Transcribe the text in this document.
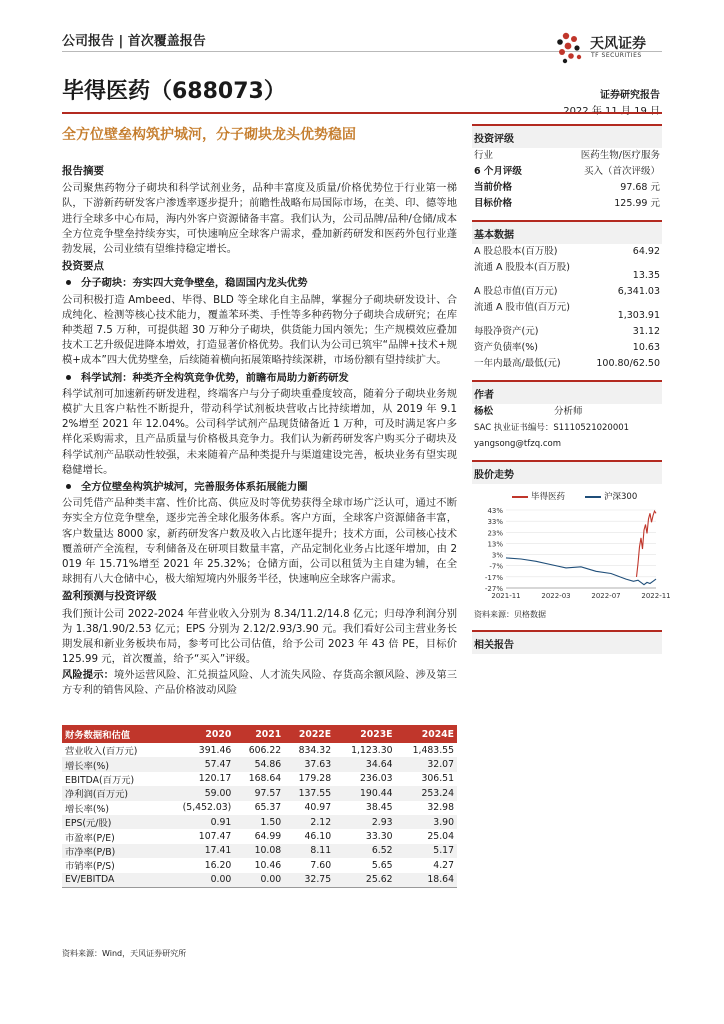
公司报告 | 首次覆盖报告	天风证券
TF SECURITIES
毕得医药（688073）	证券研究报告
全方位壁垒构筑护城河，分子砌块龙头优势稳固
报告摘要

公司聚焦药物分子砌块和科学试剂业务，品种丰富度及质量/价格优势位于行业第一梯队，下游新药研发客户渗透率逐步提升；前瞻性战略布局国际市场，在美、印、德等地进行全球多中心布局，海内外客户资源储备丰富。我们认为，公司品牌/品种/仓储/成本全方位竞争壁垒持续夯实，可快速响应全球客户需求，叠加新药研发和医药外包行业蓬勃发展，公司业绩有望维持稳定增长。

投资要点
分子砌块：夯实四大竞争壁垒，稳固国内龙头优势

公司积极打造 Ambeed、毕得、BLD 等全球化自主品牌，掌握分子砌块研发设计、合成纯化、检测等核心技术能力，覆盖苯环类、手性等多种药物分子砌块合成研究；在库种类超 7.5 万种，可提供超 30 万种分子砌块，供货能力国内领先；生产规模效应叠加技术工艺升级促进降本增效，打造显著价格优势。我们认为公司已筑牢“品牌+技术+规模+成本”四大优势壁垒，后续随着横向拓展策略持续深耕，市场份额有望持续扩大。

科学试剂：种类齐全构筑竞争优势，前瞻布局助力新药研发

科学试剂可加速新药研发进程，终端客户与分子砌块重叠度较高，随着分子砌块业务规模扩大且客户粘性不断提升，带动科学试剂板块营收占比持续增加，从 2019 年 9.12%增至 2021 年 12.04%。公司科学试剂产品现货储备近 1 万种，可及时满足客户多样化采购需求，且产品质量与价格极具竞争力。我们认为新药研发客户购买分子砌块及科学试剂产品联动性较强，未来随着产品种类提升与渠道建设完善，板块业务有望实现稳健增长。

全方位壁垒构筑护城河，完善服务体系拓展能力圈

公司凭借产品种类丰富、性价比高、供应及时等优势获得全球市场广泛认可，通过不断夯实全方位竞争壁垒，逐步完善全球化服务体系。客户方面，全球客户资源储备丰富，客户数量达 8000 家，新药研发客户数及收入占比逐年提升；技术方面，公司核心技术覆盖研产全流程，专利储备及在研项目数量丰富，产品定制化业务占比逐年增加，由 2019 年 15.71%增至 2021 年 25.32%；仓储方面，公司以租赁为主自建为辅，在全球拥有八大仓储中心，极大缩短境内外服务半径，快速响应全球客户需求。

盈利预测与投资评级

我们预计公司 2022-2024 年营业收入分别为 8.34/11.2/14.8 亿元；归母净利润分别为 1.38/1.90/2.53 亿元；EPS 分别为 2.12/2.93/3.90 元。我们看好公司主营业务长期发展和新业务板块布局，参考可比公司估值，给予公司 2023 年 43 倍 PE，目标价 125.99 元，首次覆盖，给予“买入”评级。

风险提示：境外运营风险、汇兑损益风险、人才流失风险、存货高余额风险、涉及第三方专利的销售风险、产品价格波动风险

投资评级
行业	医药生物/医疗服务
6 个月评级	买入（首次评级）
当前价格	97.68 元
目标价格	125.99 元
基本数据
A 股总股本(百万股)	64.92
流通 A 股股本(百万股)
13.35
A 股总市值(百万元)	6,341.03
流通 A 股市值(百万元)
1,303.91
每股净资产(元)	31.12
资产负债率(%)	10.63
一年内最高/最低(元)	100.80/62.50
作者
杨松	分析师
SAC 执业证书编号：S1110521020001
yangsong@tfzq.com
股价走势
毕得医药	沪深300
43%
33%
23%
13%
3%
-7%
-17%
-27%
2021-11	2022-03	2022-07	2022-11
资料来源：贝格数据
相关报告
财务数据和估值	2020	2021	2022E	2023E	2024E
营业收入(百万元)	391.46	606.22	834.32	1,123.30	1,483.55
增长率(%)	57.47	54.86	37.63	34.64	32.07
EBITDA(百万元)	120.17	168.64	179.28	236.03	306.51
净利润(百万元)	59.00	97.57	137.55	190.44	253.24
增长率(%)	(5,452.03)	65.37	40.97	38.45	32.98
EPS(元/股)	0.91	1.50	2.12	2.93	3.90
市盈率(P/E)	107.47	64.99	46.10	33.30	25.04
市净率(P/B)	17.41	10.08	8.11	6.52	5.17
市销率(P/S)	16.20	10.46	7.60	5.65	4.27
EV/EBITDA	0.00	0.00	32.75	25.62	18.64
资料来源：Wind，天风证券研究所
